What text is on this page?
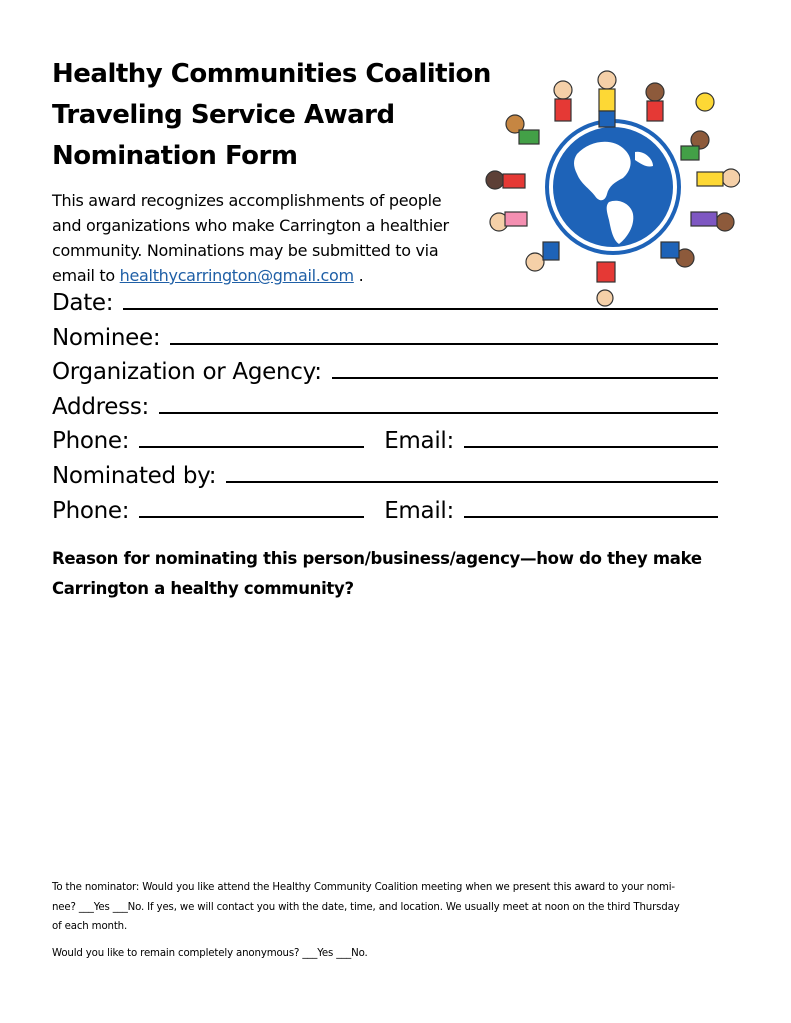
Healthy Communities Coalition
Traveling Service Award
Nomination Form
This award recognizes accomplishments of people
and organizations who make Carrington a healthier
community. Nominations may be submitted to via
email to healthycarrington@gmail.com .
Date:
Nominee:
Organization or Agency:
Address:
Phone:	Email:
Nominated by:
Phone:	Email:
Reason for nominating this person/business/agency—how do they make
Carrington a healthy community?
To the nominator: Would you like attend the Healthy Community Coalition meeting when we present this award to your nomi-
nee? ___Yes ___No. If yes, we will contact you with the date, time, and location. We usually meet at noon on the third Thursday
of each month.
Would you like to remain completely anonymous? ___Yes ___No.
